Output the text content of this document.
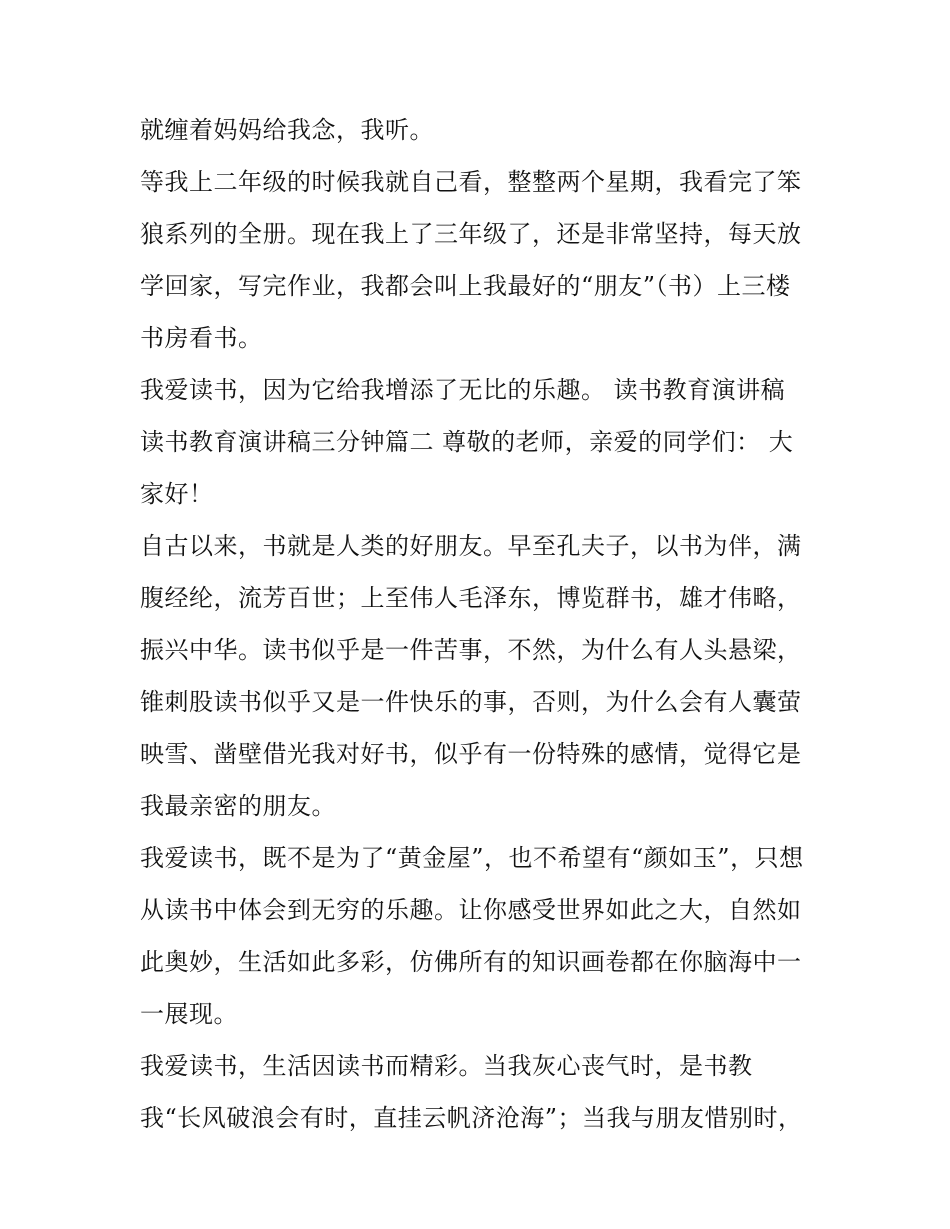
就缠着妈妈给我念，我听。
等我上二年级的时候我就自己看，整整两个星期，我看完了笨
狼系列的全册。现在我上了三年级了，还是非常坚持，每天放
学回家，写完作业，我都会叫上我最好的“朋友”（书）上三楼
书房看书。
我爱读书，因为它给我增添了无比的乐趣。 读书教育演讲稿
读书教育演讲稿三分钟篇二 尊敬的老师，亲爱的同学们： 大
家好！
自古以来，书就是人类的好朋友。早至孔夫子，以书为伴，满
腹经纶，流芳百世；上至伟人毛泽东，博览群书，雄才伟略，
振兴中华。读书似乎是一件苦事，不然，为什么有人头悬梁，
锥刺股读书似乎又是一件快乐的事，否则，为什么会有人囊萤
映雪、凿壁借光我对好书，似乎有一份特殊的感情，觉得它是
我最亲密的朋友。
我爱读书，既不是为了“黄金屋”，也不希望有“颜如玉”，只想
从读书中体会到无穷的乐趣。让你感受世界如此之大，自然如
此奥妙，生活如此多彩，仿佛所有的知识画卷都在你脑海中一
一展现。
我爱读书，生活因读书而精彩。当我灰心丧气时，是书教
我“长风破浪会有时，直挂云帆济沧海”；当我与朋友惜别时，
